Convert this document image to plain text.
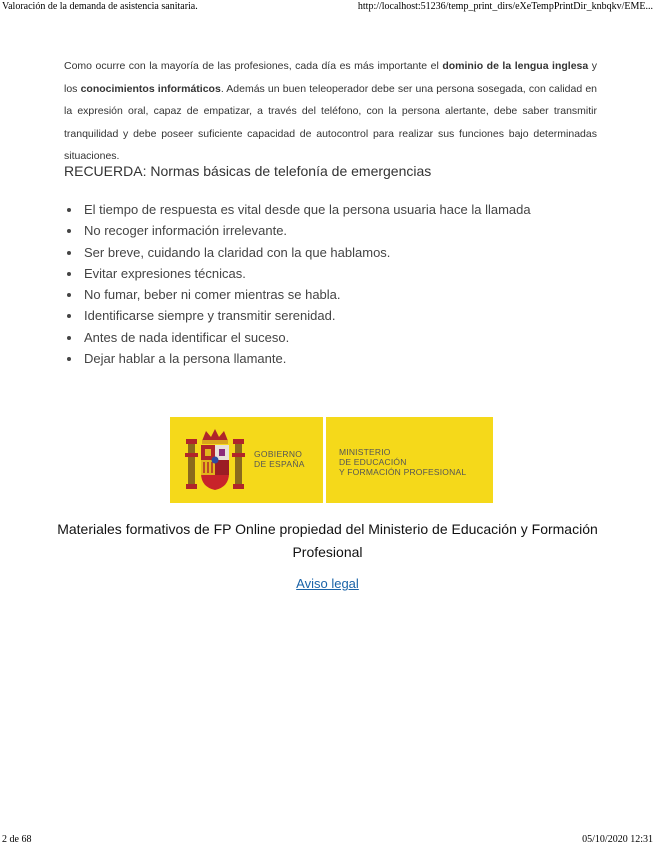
Valoración de la demanda de asistencia sanitaria.	http://localhost:51236/temp_print_dirs/eXeTempPrintDir_knbqkv/EME...
Como ocurre con la mayoría de las profesiones, cada día es más importante el dominio de la lengua inglesa y los conocimientos informáticos. Además un buen teleoperador debe ser una persona sosegada, con calidad en la expresión oral, capaz de empatizar, a través del teléfono, con la persona alertante, debe saber transmitir tranquilidad y debe poseer suficiente capacidad de autocontrol para realizar sus funciones bajo determinadas situaciones.
RECUERDA: Normas básicas de telefonía de emergencias
• El tiempo de respuesta es vital desde que la persona usuaria hace la llamada
• No recoger información irrelevante.
• Ser breve, cuidando la claridad con la que hablamos.
• Evitar expresiones técnicas.
• No fumar, beber ni comer mientras se habla.
• Identificarse siempre y transmitir serenidad.
• Antes de nada identificar el suceso.
• Dejar hablar a la persona llamante.
GOBIERNO
DE ESPAÑA
MINISTERIO
DE EDUCACIÓN
Y FORMACIÓN PROFESIONAL
Materiales formativos de FP Online propiedad del Ministerio de Educación y Formación Profesional
Aviso legal
2 de 68	05/10/2020 12:31
